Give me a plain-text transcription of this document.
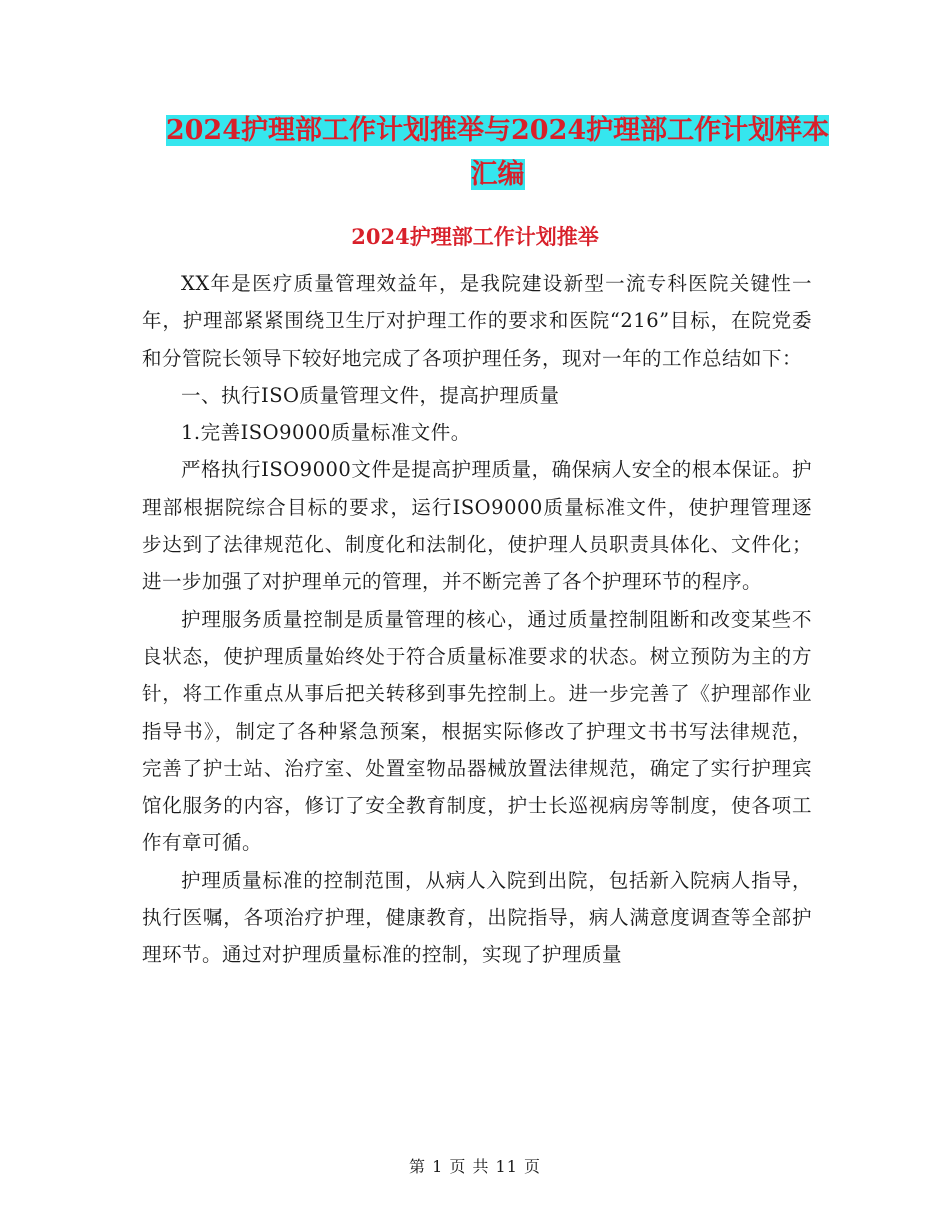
2024护理部工作计划推举与2024护理部工作计划样本
汇编
2024护理部工作计划推举

XX年是医疗质量管理效益年，是我院建设新型一流专科医院关键性一年，护理部紧紧围绕卫生厅对护理工作的要求和医院“216”目标，在院党委和分管院长领导下较好地完成了各项护理任务，现对一年的工作总结如下：

一、执行ISO质量管理文件，提高护理质量

1.完善ISO9000质量标准文件。

严格执行ISO9000文件是提高护理质量，确保病人安全的根本保证。护理部根据院综合目标的要求，运行ISO9000质量标准文件，使护理管理逐步达到了法律规范化、制度化和法制化，使护理人员职责具体化、文件化；进一步加强了对护理单元的管理，并不断完善了各个护理环节的程序。

护理服务质量控制是质量管理的核心，通过质量控制阻断和改变某些不良状态，使护理质量始终处于符合质量标准要求的状态。树立预防为主的方针，将工作重点从事后把关转移到事先控制上。进一步完善了《护理部作业指导书》，制定了各种紧急预案，根据实际修改了护理文书书写法律规范，完善了护士站、治疗室、处置室物品器械放置法律规范，确定了实行护理宾馆化服务的内容，修订了安全教育制度，护士长巡视病房等制度，使各项工作有章可循。

护理质量标准的控制范围，从病人入院到出院，包括新入院病人指导，执行医嘱，各项治疗护理，健康教育，出院指导，病人满意度调查等全部护理环节。通过对护理质量标准的控制，实现了护理质量

第 1 页 共 11 页
